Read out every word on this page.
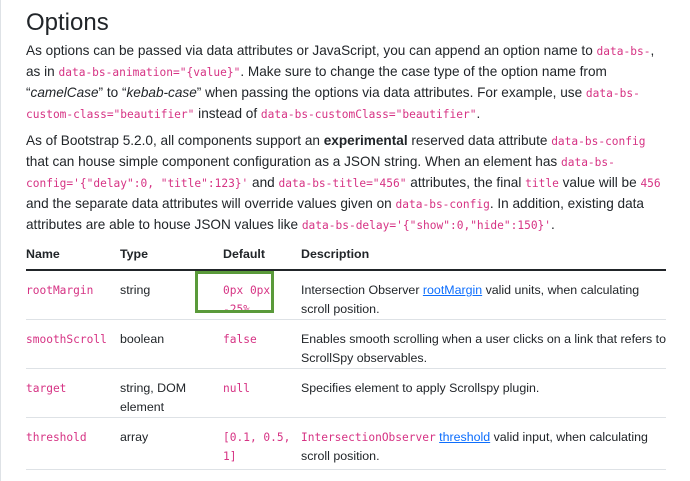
Options

As options can be passed via data attributes or JavaScript, you can append an option name to data-bs-, as in data-bs-animation="{value}". Make sure to change the case type of the option name from “camelCase” to “kebab-case” when passing the options via data attributes. For example, use data-bs-custom-class="beautifier" instead of data-bs-customClass="beautifier".

As of Bootstrap 5.2.0, all components support an experimental reserved data attribute data-bs-config that can house simple component configuration as a JSON string. When an element has data-bs-config='{"delay":0, "title":123}' and data-bs-title="456" attributes, the final title value will be 456 and the separate data attributes will override values given on data-bs-config. In addition, existing data attributes are able to house JSON values like data-bs-delay='{"show":0,"hide":150}'.

Name	Type	Default	Description
rootMargin	string	0px 0px -25%	Intersection Observer rootMargin valid units, when calculating scroll position.
smoothScroll	boolean	false	Enables smooth scrolling when a user clicks on a link that refers to ScrollSpy observables.
target	string, DOM element	null	Specifies element to apply Scrollspy plugin.
threshold	array	[0.1, 0.5, 1]	IntersectionObserver threshold valid input, when calculating scroll position.
